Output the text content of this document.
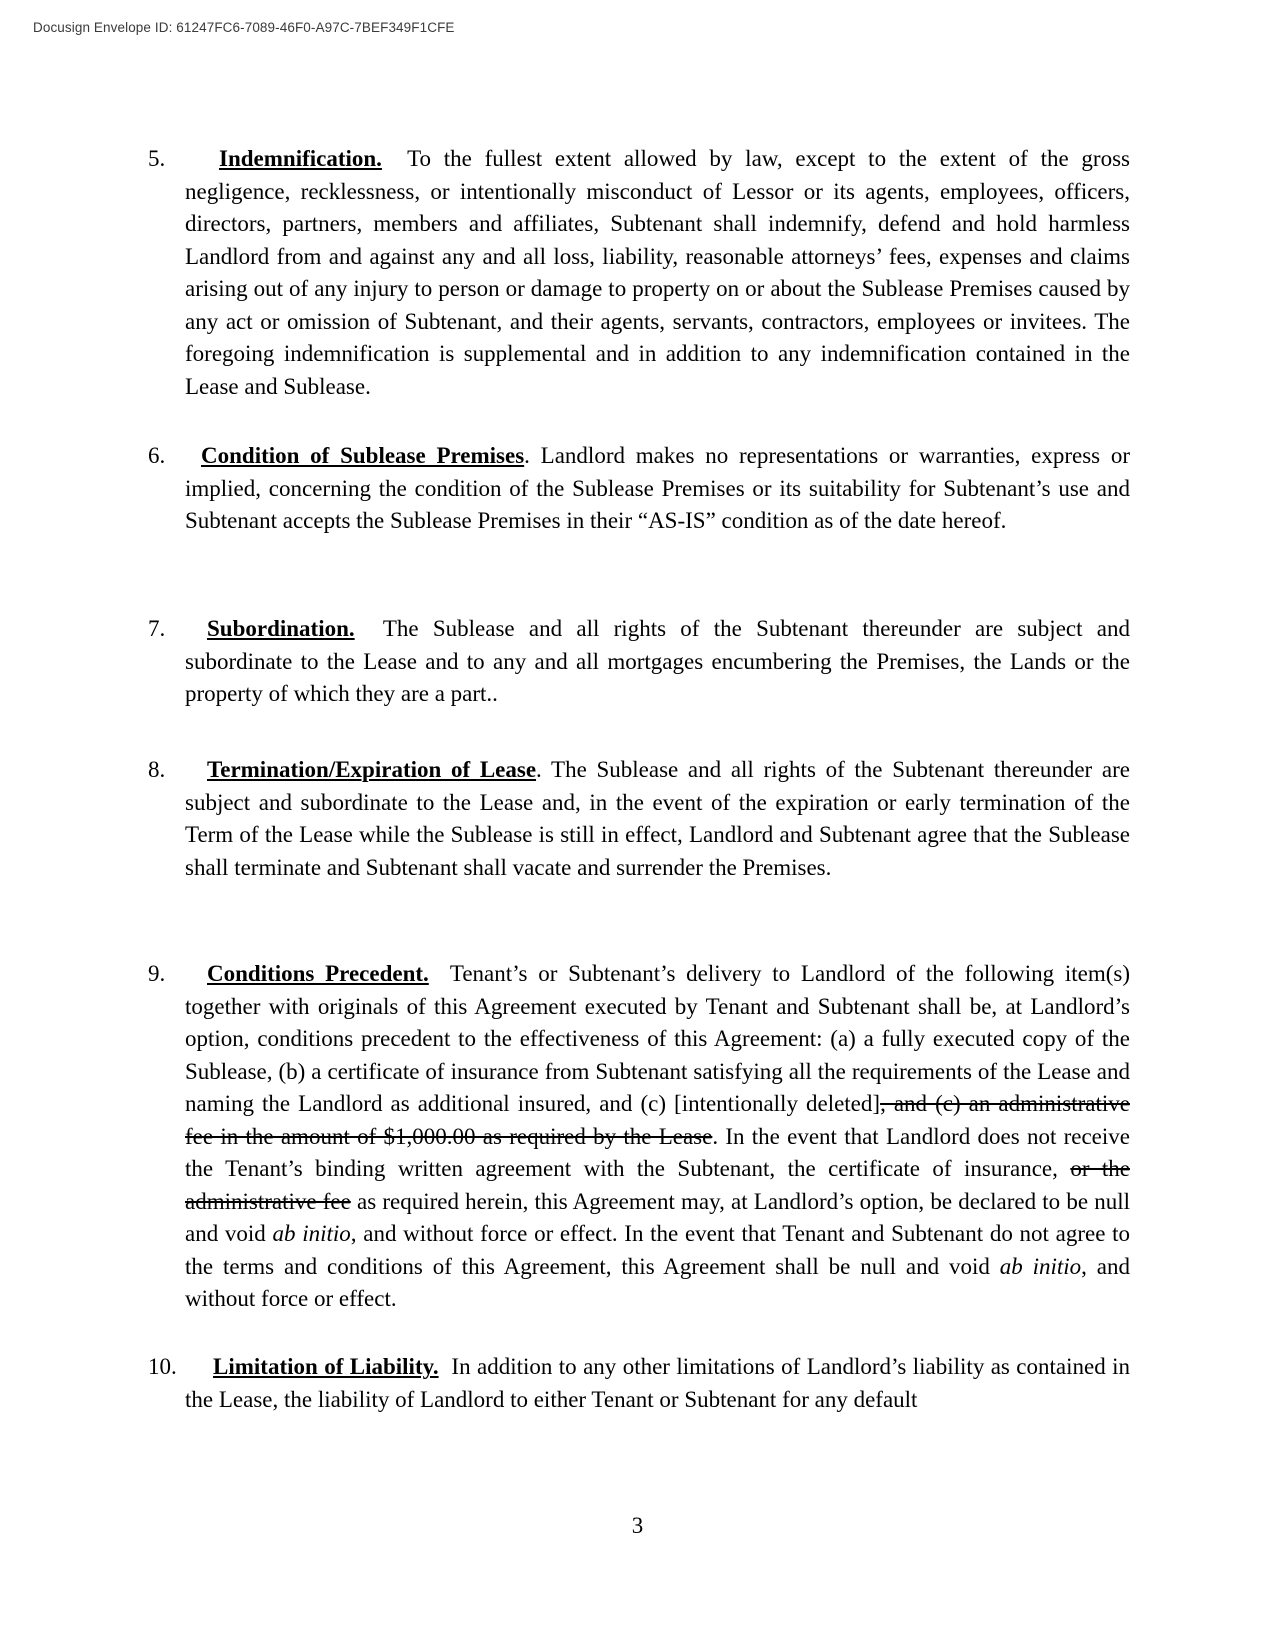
Docusign Envelope ID: 61247FC6-7089-46F0-A97C-7BEF349F1CFE
5.	Indemnification. To the fullest extent allowed by law, except to the extent of the gross negligence, recklessness, or intentionally misconduct of Lessor or its agents, employees, officers, directors, partners, members and affiliates, Subtenant shall indemnify, defend and hold harmless Landlord from and against any and all loss, liability, reasonable attorneys’ fees, expenses and claims arising out of any injury to person or damage to property on or about the Sublease Premises caused by any act or omission of Subtenant, and their agents, servants, contractors, employees or invitees. The foregoing indemnification is supplemental and in addition to any indemnification contained in the Lease and Sublease.
6.	Condition of Sublease Premises. Landlord makes no representations or warranties, express or implied, concerning the condition of the Sublease Premises or its suitability for Subtenant’s use and Subtenant accepts the Sublease Premises in their “AS-IS” condition as of the date hereof.
7.	Subordination. The Sublease and all rights of the Subtenant thereunder are subject and subordinate to the Lease and to any and all mortgages encumbering the Premises, the Lands or the property of which they are a part..
8.	Termination/Expiration of Lease. The Sublease and all rights of the Subtenant thereunder are subject and subordinate to the Lease and, in the event of the expiration or early termination of the Term of the Lease while the Sublease is still in effect, Landlord and Subtenant agree that the Sublease shall terminate and Subtenant shall vacate and surrender the Premises.
9.	Conditions Precedent. Tenant’s or Subtenant’s delivery to Landlord of the following item(s) together with originals of this Agreement executed by Tenant and Subtenant shall be, at Landlord’s option, conditions precedent to the effectiveness of this Agreement: (a) a fully executed copy of the Sublease, (b) a certificate of insurance from Subtenant satisfying all the requirements of the Lease and naming the Landlord as additional insured, and (c) [intentionally deleted], and (c) an administrative fee in the amount of $1,000.00 as required by the Lease. In the event that Landlord does not receive the Tenant’s binding written agreement with the Subtenant, the certificate of insurance, or the administrative fee as required herein, this Agreement may, at Landlord’s option, be declared to be null and void ab initio, and without force or effect. In the event that Tenant and Subtenant do not agree to the terms and conditions of this Agreement, this Agreement shall be null and void ab initio, and without force or effect.
10.	Limitation of Liability. In addition to any other limitations of Landlord’s liability as contained in the Lease, the liability of Landlord to either Tenant or Subtenant for any default
3
